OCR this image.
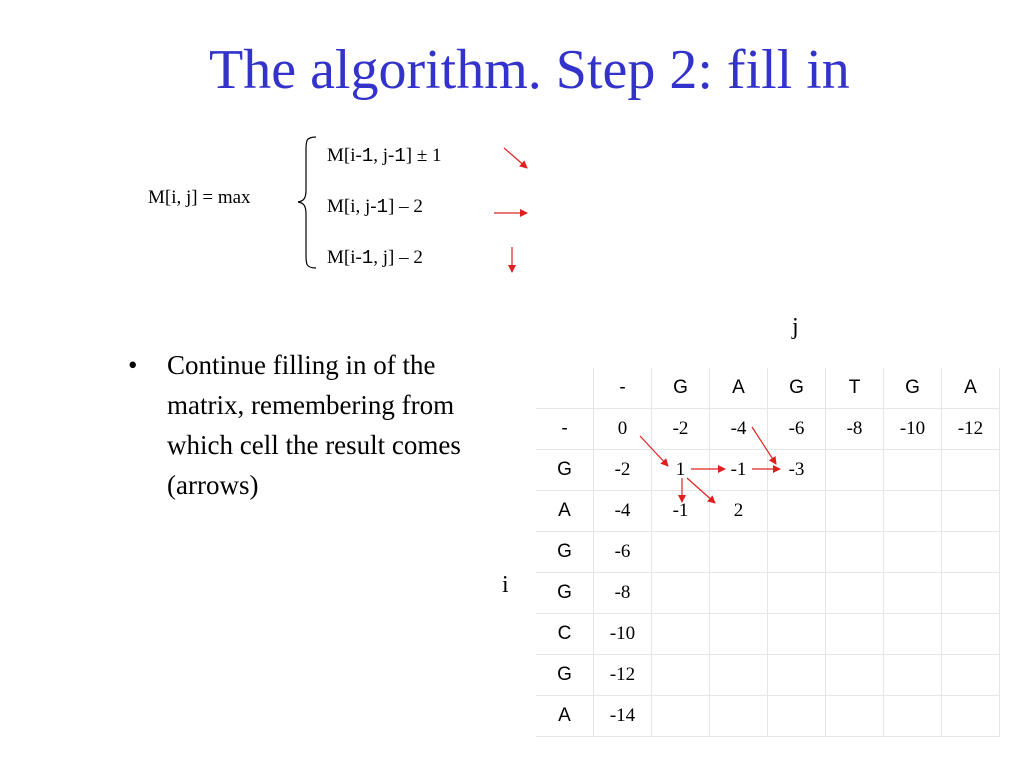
The algorithm. Step 2: fill in
M[i, j] = max
M[i-1, j-1] ± 1
M[i, j-1] – 2
M[i-1, j] – 2
•	Continue filling in of the matrix, remembering from which cell the result comes (arrows)
j
i
	-	G	A	G	T	G	A
-	0	-2	-4	-6	-8	-10	-12
G	-2	1	-1	-3			
A	-4	-1	2				
G	-6						
G	-8						
C	-10						
G	-12						
A	-14						
